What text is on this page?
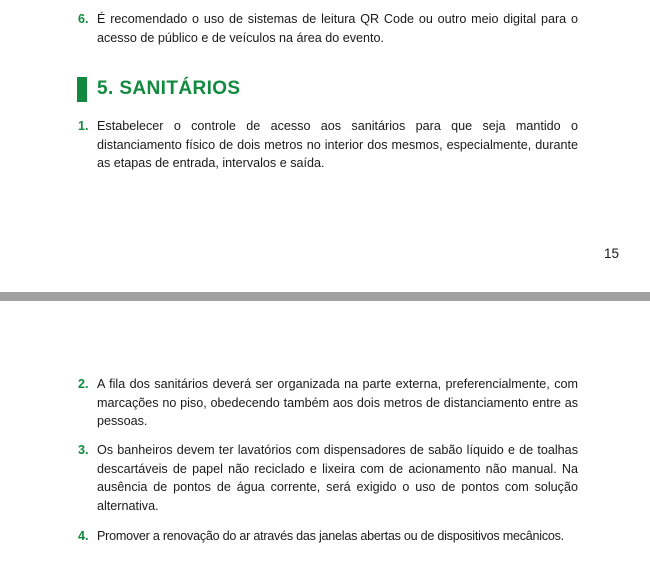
6. É recomendado o uso de sistemas de leitura QR Code ou outro meio digital para o acesso de público e de veículos na área do evento.
5. SANITÁRIOS
1. Estabelecer o controle de acesso aos sanitários para que seja mantido o distanciamento físico de dois metros no interior dos mesmos, especialmente, durante as etapas de entrada, intervalos e saída.
15
2. A fila dos sanitários deverá ser organizada na parte externa, preferencialmente, com marcações no piso, obedecendo também aos dois metros de distanciamento entre as pessoas.
3. Os banheiros devem ter lavatórios com dispensadores de sabão líquido e de toalhas descartáveis de papel não reciclado e lixeira com de acionamento não manual. Na ausência de pontos de água corrente, será exigido o uso de pontos com solução alternativa.
4. Promover a renovação do ar através das janelas abertas ou de dispositivos mecânicos.
